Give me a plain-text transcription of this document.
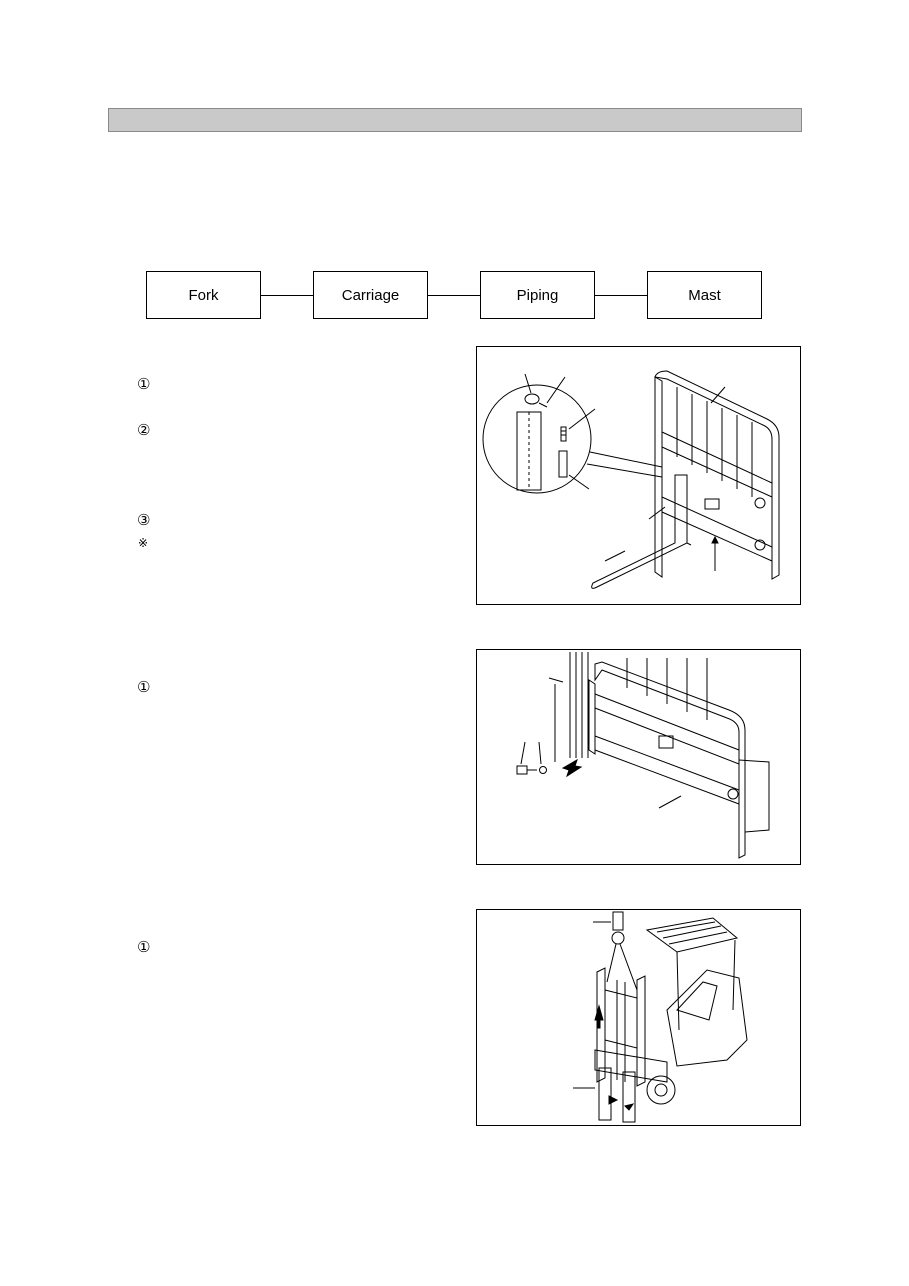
Fork	Carriage	Piping	Mast
①
②
③
※
①
①
